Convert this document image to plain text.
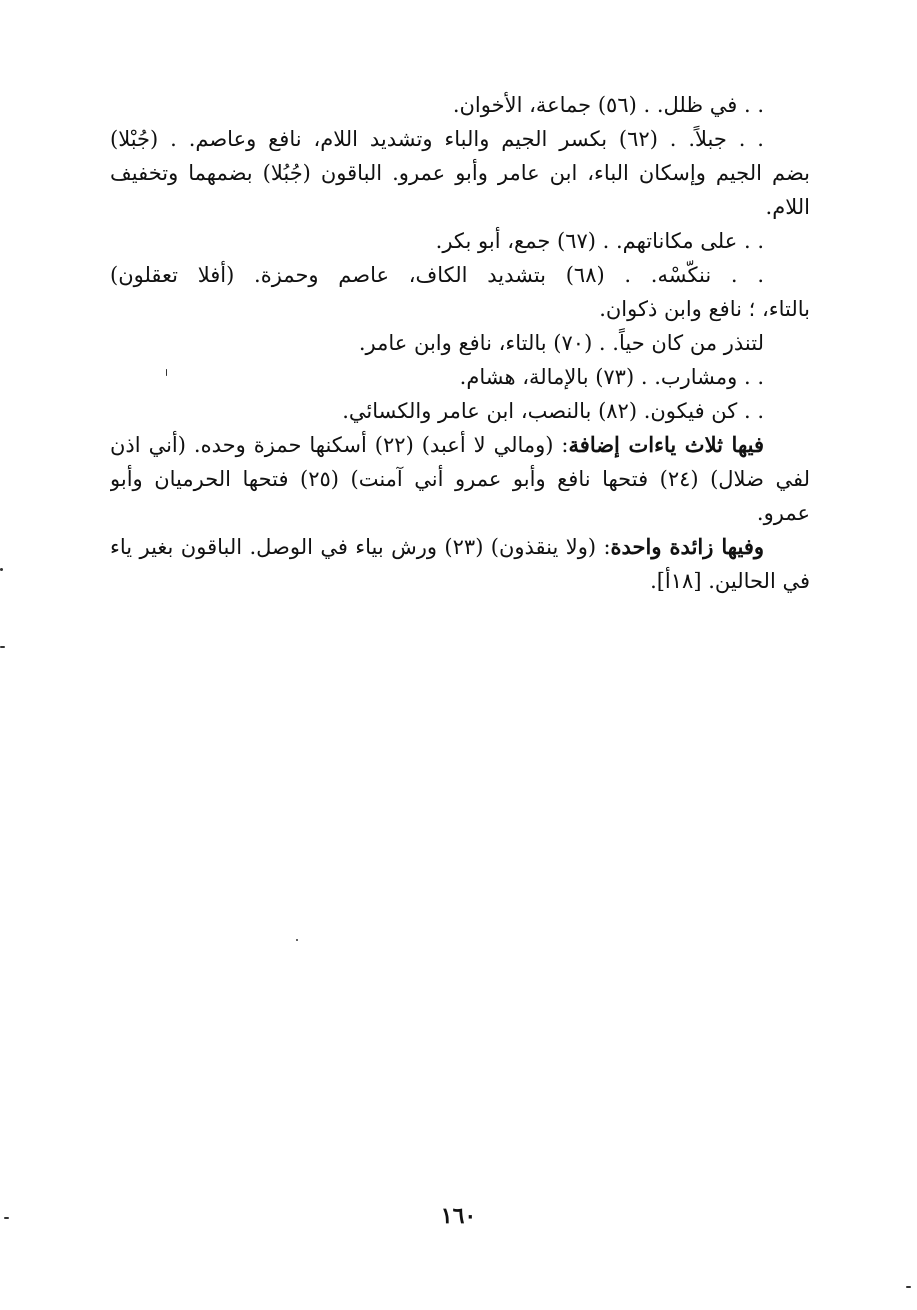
. . في ظلل. . (٥٦) جماعة، الأخوان.
. . جبلاً. . (٦٢) بكسر الجيم والباء وتشديد اللام، نافع وعاصم. . (جُبْلا)
بضم الجيم وإسكان الباء، ابن عامر وأبو عمرو. الباقون (جُبُلا) بضمهما وتخفيف
اللام.
. . على مكاناتهم. . (٦٧) جمع، أبو بكر.
. . ننكّسْه. . (٦٨) بتشديد الكاف، عاصم وحمزة. (أفلا تعقلون)
بالتاء، ؛ نافع وابن ذكوان.
لتنذر من كان حياً. . (٧٠) بالتاء، نافع وابن عامر.
. . ومشارب. . (٧٣) بالإمالة، هشام.
. . كن فيكون. (٨٢) بالنصب، ابن عامر والكسائي.
فيها ثلاث ياءات إضافة: (ومالي لا أعبد) (٢٢) أسكنها حمزة وحده. (أني اذن
لفي ضلال) (٢٤) فتحها نافع وأبو عمرو أني آمنت) (٢٥) فتحها الحرميان وأبو
عمرو.
وفيها زائدة واحدة: (ولا ينقذون) (٢٣) ورش بياء في الوصل. الباقون بغير ياء
في الحالين. [١٨أ].
١٦٠
